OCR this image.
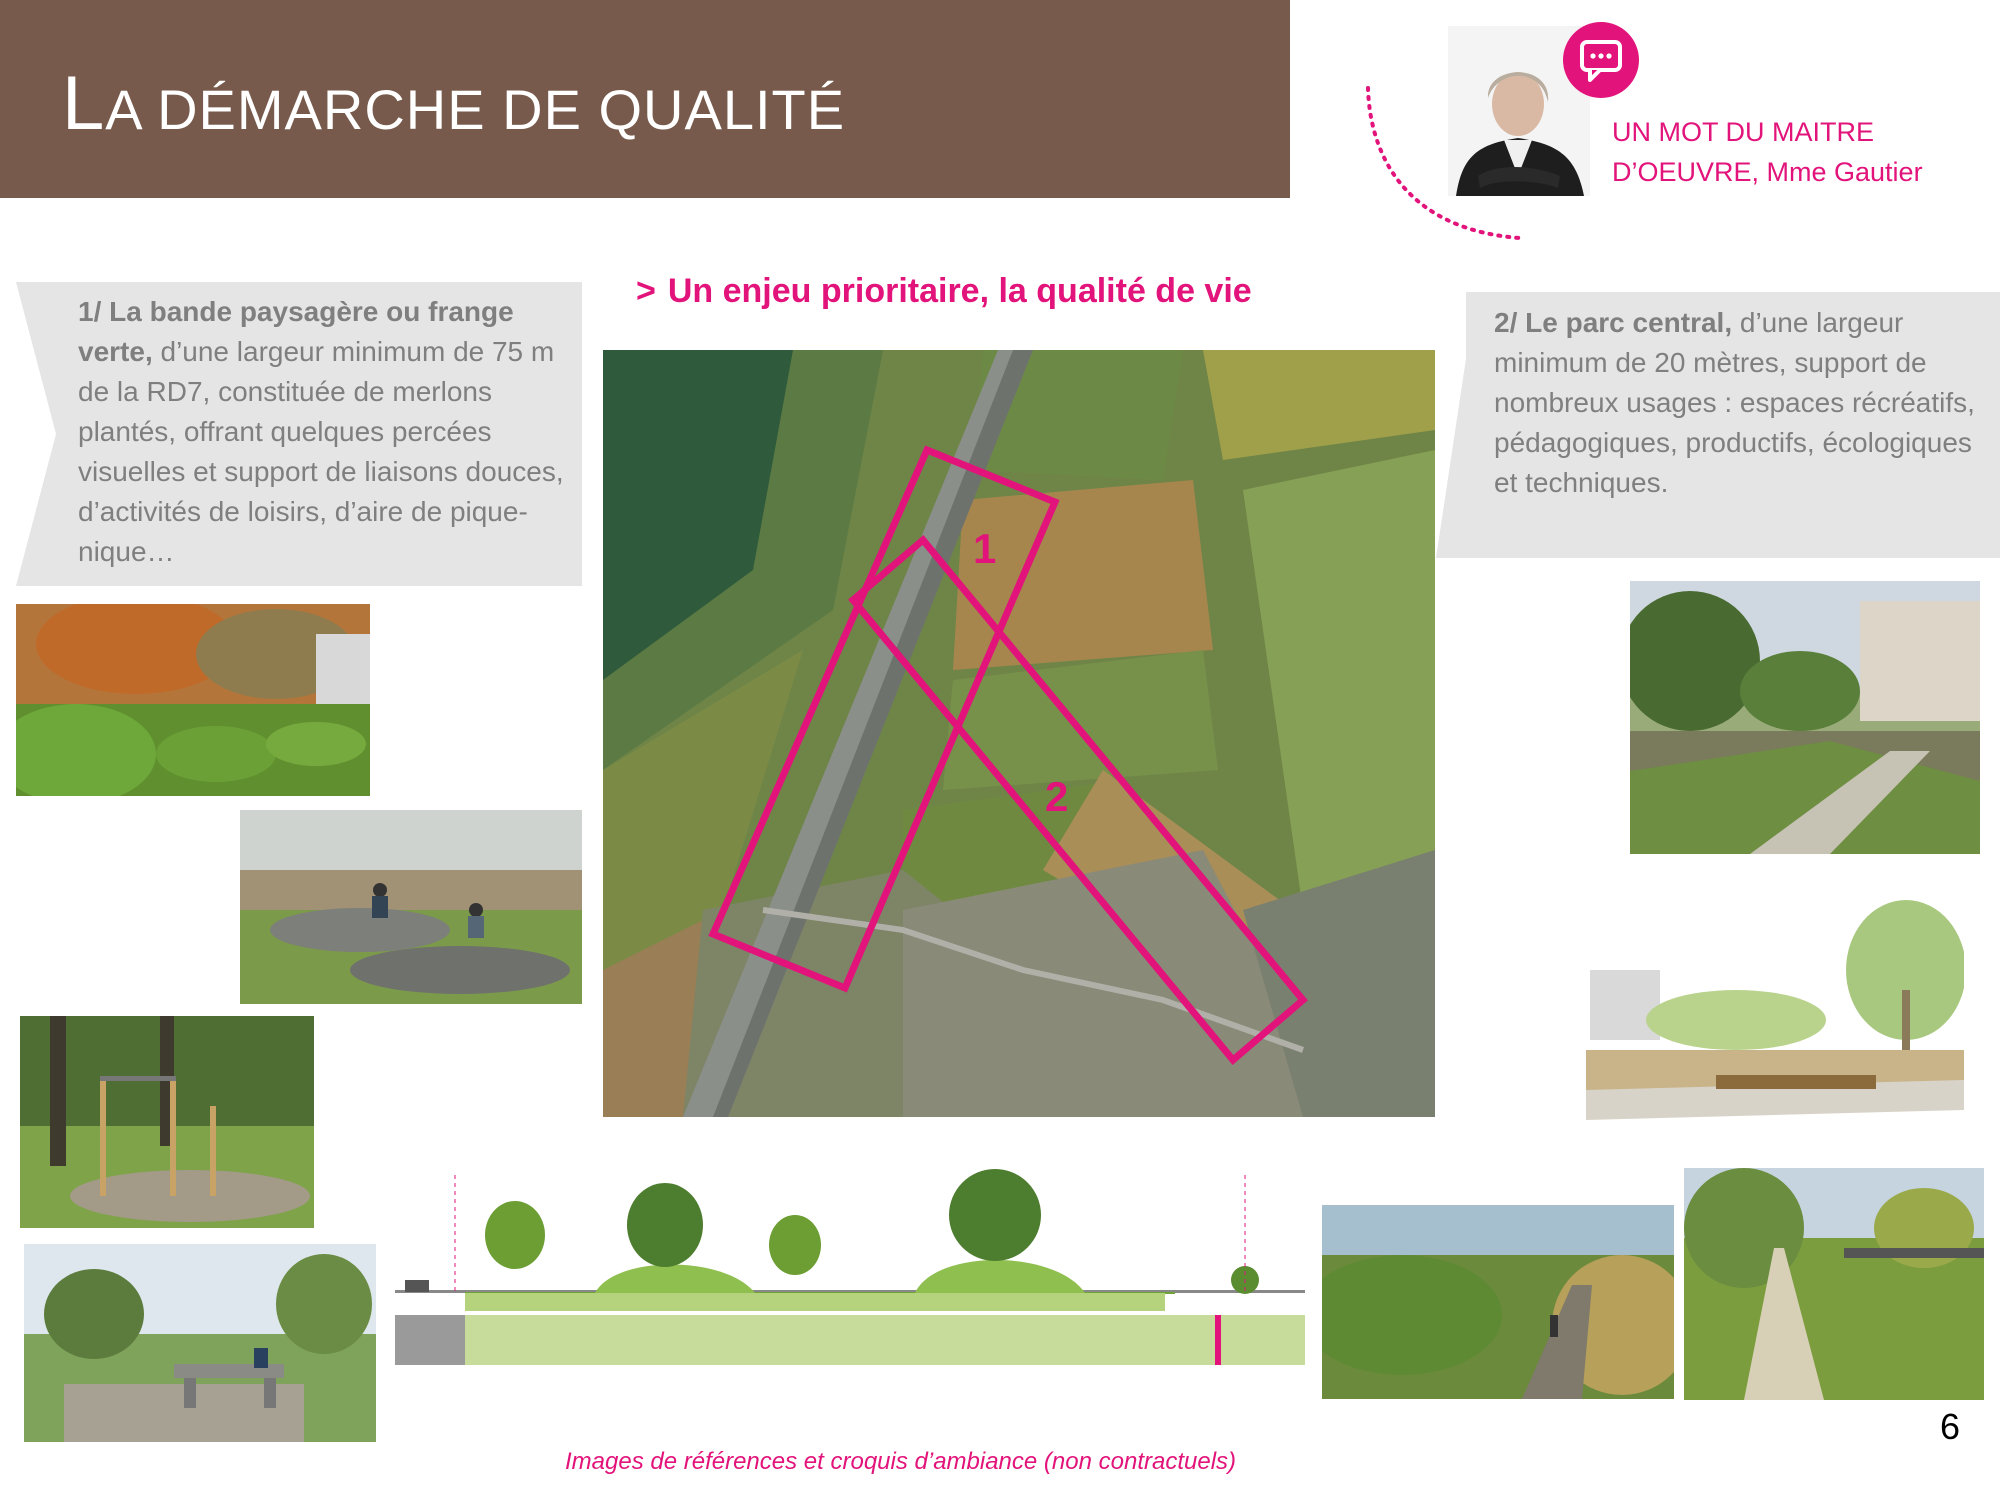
LA DÉMARCHE DE QUALITÉ	UN MOT DU MAITRE
D’OEUVRE, Mme Gautier
> Un enjeu prioritaire, la qualité de vie
1/ La bande paysagère ou frange verte, d’une largeur minimum de 75 m de la RD7, constituée de merlons plantés, offrant quelques percées visuelles et support de liaisons douces, d’activités de loisirs, d’aire de pique-nique…
2/ Le parc central, d’une largeur minimum de 20 mètres, support de nombreux usages : espaces récréatifs, pédagogiques, productifs, écologiques et techniques.
1
2
Images de références et croquis d’ambiance (non contractuels)
6
